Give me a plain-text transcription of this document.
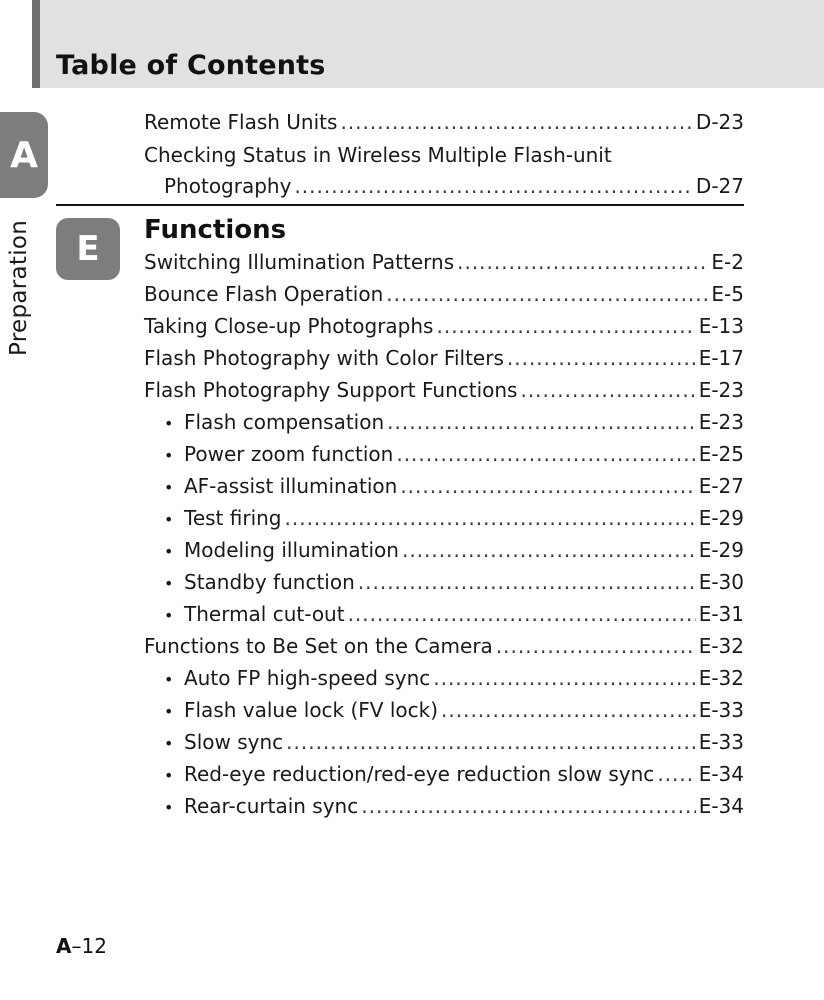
Table of Contents
A
Preparation
Remote Flash Units .....	D-23
Checking Status in Wireless Multiple Flash-unit
Photography .....	D-27
E	Functions
Switching Illumination Patterns .....	E-2
Bounce Flash Operation .....	E-5
Taking Close-up Photographs .....	E-13
Flash Photography with Color Filters .....	E-17
Flash Photography Support Functions .....	E-23
• Flash compensation .....	E-23
• Power zoom function .....	E-25
• AF-assist illumination .....	E-27
• Test firing .....	E-29
• Modeling illumination .....	E-29
• Standby function .....	E-30
• Thermal cut-out .....	E-31
Functions to Be Set on the Camera .....	E-32
• Auto FP high-speed sync .....	E-32
• Flash value lock (FV lock) .....	E-33
• Slow sync .....	E-33
• Red-eye reduction/red-eye reduction slow sync ..... E-34
• Rear-curtain sync .....	E-34
A–12
